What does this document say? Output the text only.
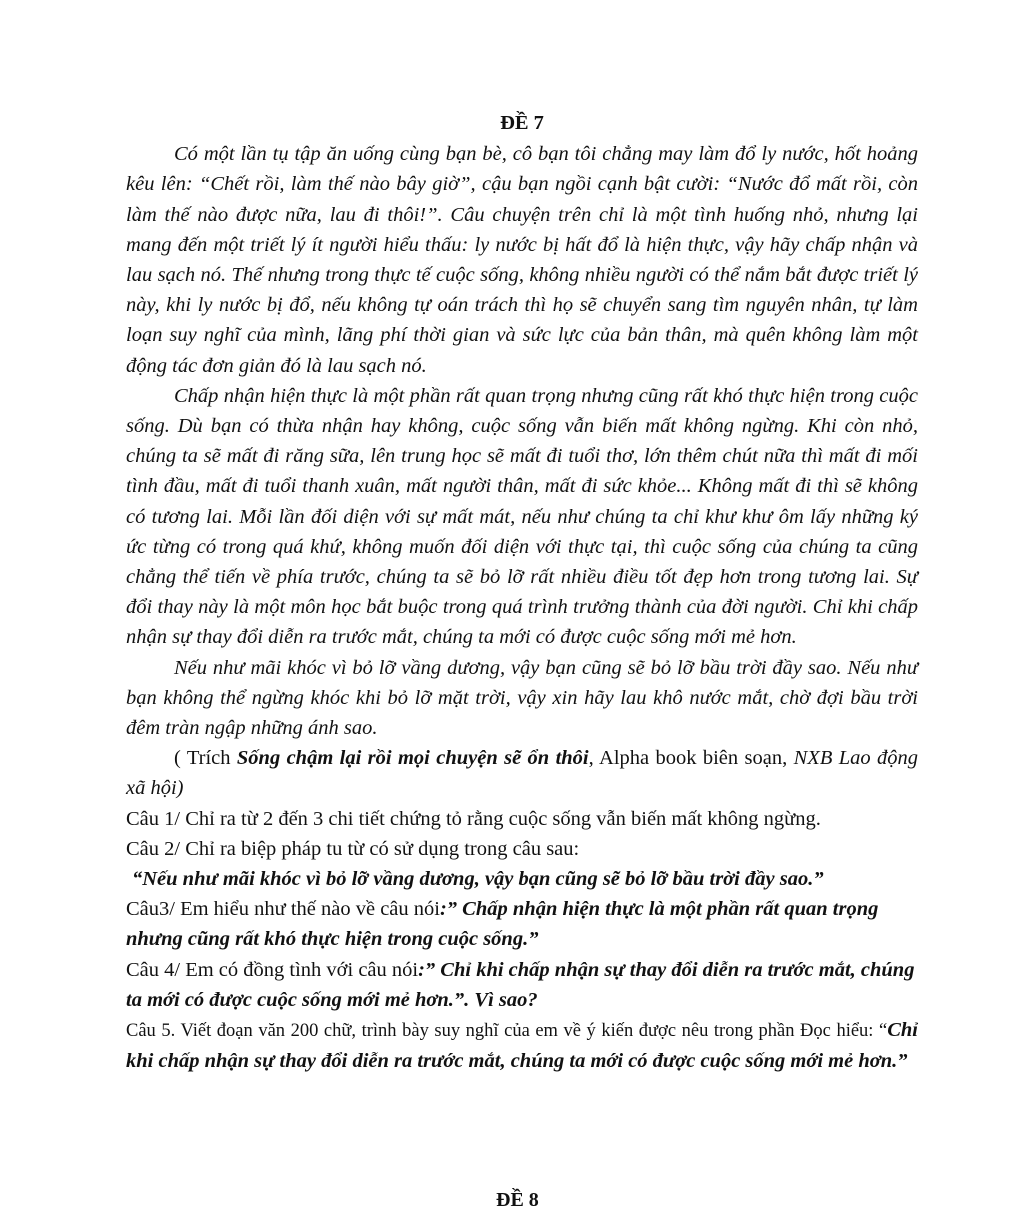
ĐỀ 7

Có một lần tụ tập ăn uống cùng bạn bè, cô bạn tôi chẳng may làm đổ ly nước, hốt hoảng kêu lên: “Chết rồi, làm thế nào bây giờ”, cậu bạn ngồi cạnh bật cười: “Nước đổ mất rồi, còn làm thế nào được nữa, lau đi thôi!”. Câu chuyện trên chỉ là một tình huống nhỏ, nhưng lại mang đến một triết lý ít người hiểu thấu: ly nước bị hất đổ là hiện thực, vậy hãy chấp nhận và lau sạch nó. Thế nhưng trong thực tế cuộc sống, không nhiều người có thể nắm bắt được triết lý này, khi ly nước bị đổ, nếu không tự oán trách thì họ sẽ chuyển sang tìm nguyên nhân, tự làm loạn suy nghĩ của mình, lãng phí thời gian và sức lực của bản thân, mà quên không làm một động tác đơn giản đó là lau sạch nó.

Chấp nhận hiện thực là một phần rất quan trọng nhưng cũng rất khó thực hiện trong cuộc sống. Dù bạn có thừa nhận hay không, cuộc sống vẫn biến mất không ngừng. Khi còn nhỏ, chúng ta sẽ mất đi răng sữa, lên trung học sẽ mất đi tuổi thơ, lớn thêm chút nữa thì mất đi mối tình đầu, mất đi tuổi thanh xuân, mất người thân, mất đi sức khỏe... Không mất đi thì sẽ không có tương lai. Mỗi lần đối diện với sự mất mát, nếu như chúng ta chỉ khư khư ôm lấy những ký ức từng có trong quá khứ, không muốn đối diện với thực tại, thì cuộc sống của chúng ta cũng chẳng thể tiến về phía trước, chúng ta sẽ bỏ lỡ rất nhiều điều tốt đẹp hơn trong tương lai. Sự đổi thay này là một môn học bắt buộc trong quá trình trưởng thành của đời người. Chỉ khi chấp nhận sự thay đổi diễn ra trước mắt, chúng ta mới có được cuộc sống mới mẻ hơn.

Nếu như mãi khóc vì bỏ lỡ vầng dương, vậy bạn cũng sẽ bỏ lỡ bầu trời đầy sao. Nếu như bạn không thể ngừng khóc khi bỏ lỡ mặt trời, vậy xin hãy lau khô nước mắt, chờ đợi bầu trời đêm tràn ngập những ánh sao.

( Trích Sống chậm lại rồi mọi chuyện sẽ ổn thôi, Alpha book biên soạn, NXB Lao động xã hội)

Câu 1/ Chỉ ra từ 2 đến 3 chi tiết chứng tỏ rằng cuộc sống vẫn biến mất không ngừng.

Câu 2/ Chỉ ra biệp pháp tu từ có sử dụng trong câu sau:

“Nếu như mãi khóc vì bỏ lỡ vầng dương, vậy bạn cũng sẽ bỏ lỡ bầu trời đầy sao.”

Câu3/ Em hiểu như thế nào về câu nói:” Chấp nhận hiện thực là một phần rất quan trọng nhưng cũng rất khó thực hiện trong cuộc sống.”

Câu 4/ Em có đồng tình với câu nói:” Chỉ khi chấp nhận sự thay đổi diễn ra trước mắt, chúng ta mới có được cuộc sống mới mẻ hơn.”. Vì sao?

Câu 5. Viết đoạn văn 200 chữ, trình bày suy nghĩ của em về ý kiến được nêu trong phần Đọc hiểu: “Chỉ khi chấp nhận sự thay đổi diễn ra trước mắt, chúng ta mới có được cuộc sống mới mẻ hơn.”

ĐỀ 8
